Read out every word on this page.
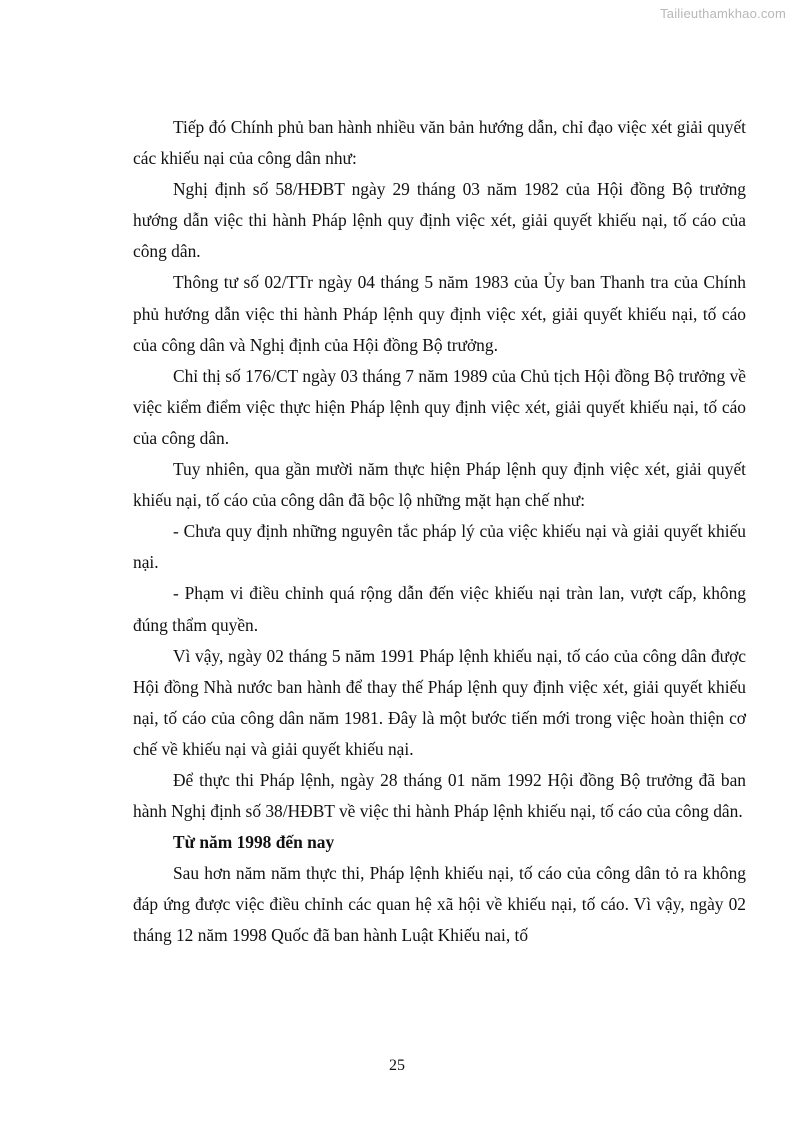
Tailieuthamkhao.com

Tiếp đó Chính phủ ban hành nhiều văn bản hướng dẫn, chỉ đạo việc xét giải quyết các khiếu nại của công dân như:

Nghị định số 58/HĐBT ngày 29 tháng 03 năm 1982 của Hội đồng Bộ trưởng hướng dẫn việc thi hành Pháp lệnh quy định việc xét, giải quyết khiếu nại, tố cáo của công dân.

Thông tư số 02/TTr ngày 04 tháng 5 năm 1983 của Ủy ban Thanh tra của Chính phủ hướng dẫn việc thi hành Pháp lệnh quy định việc xét, giải quyết khiếu nại, tố cáo của công dân và Nghị định của Hội đồng Bộ trưởng.

Chỉ thị số 176/CT ngày 03 tháng 7 năm 1989 của Chủ tịch Hội đồng Bộ trưởng về việc kiểm điểm việc thực hiện Pháp lệnh quy định việc xét, giải quyết khiếu nại, tố cáo của công dân.

Tuy nhiên, qua gần mười năm thực hiện Pháp lệnh quy định việc xét, giải quyết khiếu nại, tố cáo của công dân đã bộc lộ những mặt hạn chế như:

- Chưa quy định những nguyên tắc pháp lý của việc khiếu nại và giải quyết khiếu nại.

- Phạm vi điều chỉnh quá rộng dẫn đến việc khiếu nại tràn lan, vượt cấp, không đúng thẩm quyền.

Vì vậy, ngày 02 tháng 5 năm 1991 Pháp lệnh khiếu nại, tố cáo của công dân được Hội đồng Nhà nước ban hành để thay thế Pháp lệnh quy định việc xét, giải quyết khiếu nại, tố cáo của công dân năm 1981. Đây là một bước tiến mới trong việc hoàn thiện cơ chế về khiếu nại và giải quyết khiếu nại.

Để thực thi Pháp lệnh, ngày 28 tháng 01 năm 1992 Hội đồng Bộ trưởng đã ban hành Nghị định số 38/HĐBT về việc thi hành Pháp lệnh khiếu nại, tố cáo của công dân.

Từ năm 1998 đến nay

Sau hơn năm năm thực thi, Pháp lệnh khiếu nại, tố cáo của công dân tỏ ra không đáp ứng được việc điều chỉnh các quan hệ xã hội về khiếu nại, tố cáo. Vì vậy, ngày 02 tháng 12 năm 1998 Quốc đã ban hành Luật Khiếu nai, tố

25
